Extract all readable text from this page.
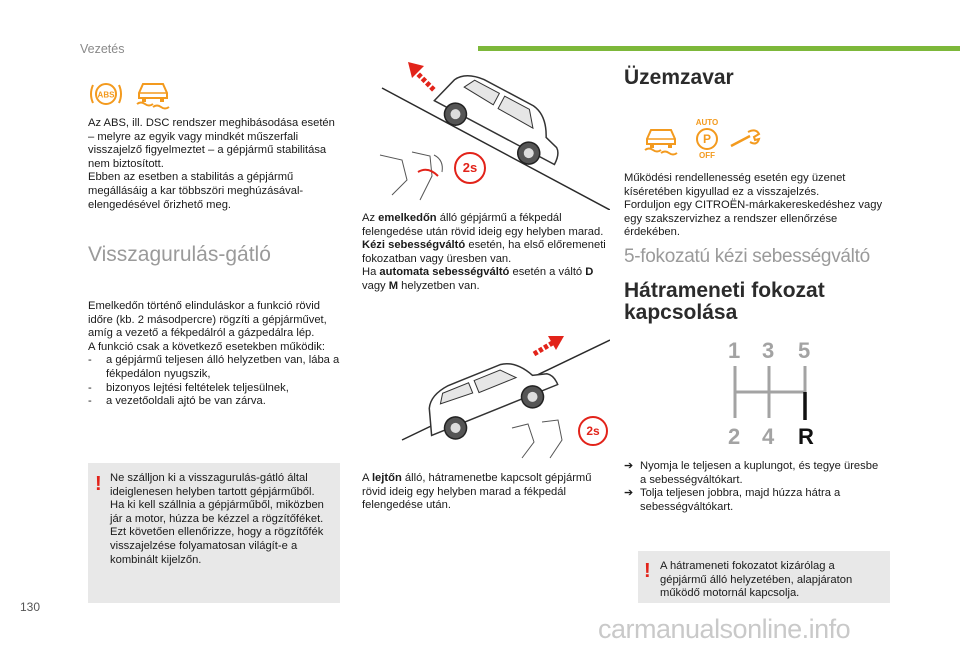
Vezetés
ABS
Az ABS, ill. DSC rendszer meghibásodása esetén – melyre az egyik vagy mindkét műszerfali visszajelző figyelmeztet – a gépjármű stabilitása nem biztosított.
Ebben az esetben a stabilitás a gépjármű megállásáig a kar többszöri meghúzásával-elengedésével őrizhető meg.
Visszagurulás-gátló
Emelkedőn történő elinduláskor a funkció rövid időre (kb. 2 másodpercre) rögzíti a gépjárművet, amíg a vezető a fékpedálról a gázpedálra lép.
A funkció csak a következő esetekben működik:
- a gépjármű teljesen álló helyzetben van, lába a fékpedálon nyugszik,
- bizonyos lejtési feltételek teljesülnek,
- a vezetőoldali ajtó be van zárva.
! Ne szálljon ki a visszagurulás-gátló által ideiglenesen helyben tartott gépjárműből.
Ha ki kell szállnia a gépjárműből, miközben jár a motor, húzza be kézzel a rögzítőféket. Ezt követően ellenőrizze, hogy a rögzítőfék visszajelzése folyamatosan világít-e a kombinált kijelzőn.
2s
Az emelkedőn álló gépjármű a fékpedál felengedése után rövid ideig egy helyben marad.
Kézi sebességváltó esetén, ha első előremeneti fokozatban vagy üresben van.
Ha automata sebességváltó esetén a váltó D vagy M helyzetben van.
2s
A lejtőn álló, hátramenetbe kapcsolt gépjármű rövid ideig egy helyben marad a fékpedál felengedése után.
Üzemzavar
AUTO
P
OFF
Működési rendellenesség esetén egy üzenet kíséretében kigyullad ez a visszajelzés.
Forduljon egy CITROËN-márkakereskedéshez vagy egy szakszervizhez a rendszer ellenőrzése érdekében.
5-fokozatú kézi sebességváltó
Hátrameneti fokozat kapcsolása
1 3 5
2 4 R
➔ Nyomja le teljesen a kuplungot, és tegye üresbe a sebességváltókart.
➔ Tolja teljesen jobbra, majd húzza hátra a sebességváltókart.
! A hátrameneti fokozatot kizárólag a gépjármű álló helyzetében, alapjáraton működő motornál kapcsolja.
130
carmanualsonline.info
